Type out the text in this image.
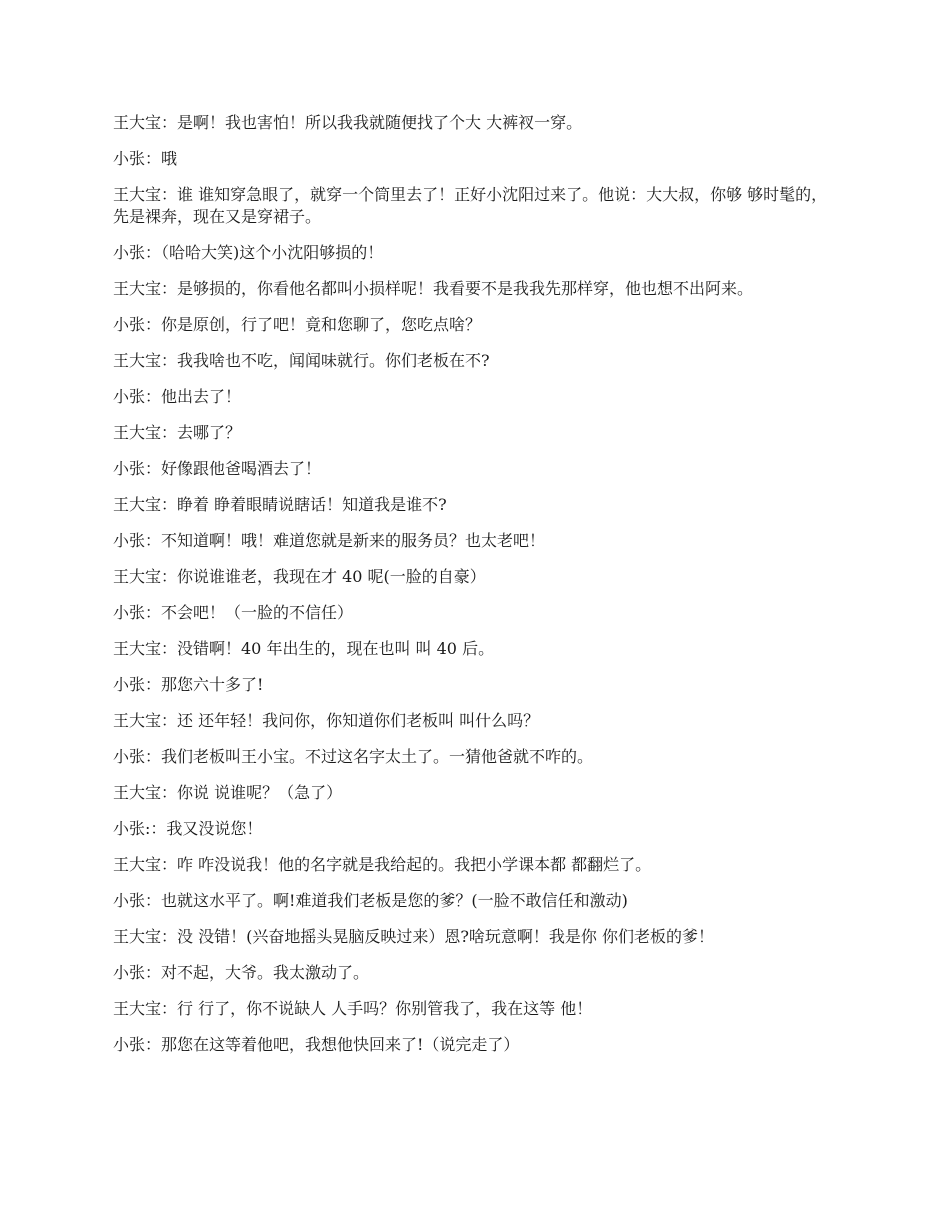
王大宝：是啊！我也害怕！所以我我就随便找了个大 大裤衩一穿。

小张：哦

王大宝：谁 谁知穿急眼了，就穿一个筒里去了！正好小沈阳过来了。他说：大大叔，你够 够时髦的，先是裸奔，现在又是穿裙子。

小张：（哈哈大笑)这个小沈阳够损的！

王大宝：是够损的，你看他名都叫小损样呢！我看要不是我我先那样穿，他也想不出阿来。

小张：你是原创，行了吧！竟和您聊了，您吃点啥？

王大宝：我我啥也不吃，闻闻味就行。你们老板在不?

小张：他出去了！

王大宝：去哪了？

小张：好像跟他爸喝酒去了！

王大宝：睁着 睁着眼睛说瞎话！知道我是谁不?

小张：不知道啊！哦！难道您就是新来的服务员？也太老吧！

王大宝：你说谁谁老，我现在才 40 呢(一脸的自豪）

小张：不会吧！（一脸的不信任）

王大宝：没错啊！40 年出生的，现在也叫 叫 40 后。

小张：那您六十多了!

王大宝：还 还年轻！我问你，你知道你们老板叫 叫什么吗？

小张：我们老板叫王小宝。不过这名字太土了。一猜他爸就不咋的。

王大宝：你说 说谁呢？（急了）

小张:：我又没说您！

王大宝：咋 咋没说我！他的名字就是我给起的。我把小学课本都 都翻烂了。

小张：也就这水平了。啊!难道我们老板是您的爹？(一脸不敢信任和激动)

王大宝：没 没错！(兴奋地摇头晃脑反映过来）恩?啥玩意啊！我是你 你们老板的爹！

小张：对不起，大爷。我太激动了。

王大宝：行 行了，你不说缺人 人手吗？你别管我了，我在这等 他！

小张：那您在这等着他吧，我想他快回来了!（说完走了）
